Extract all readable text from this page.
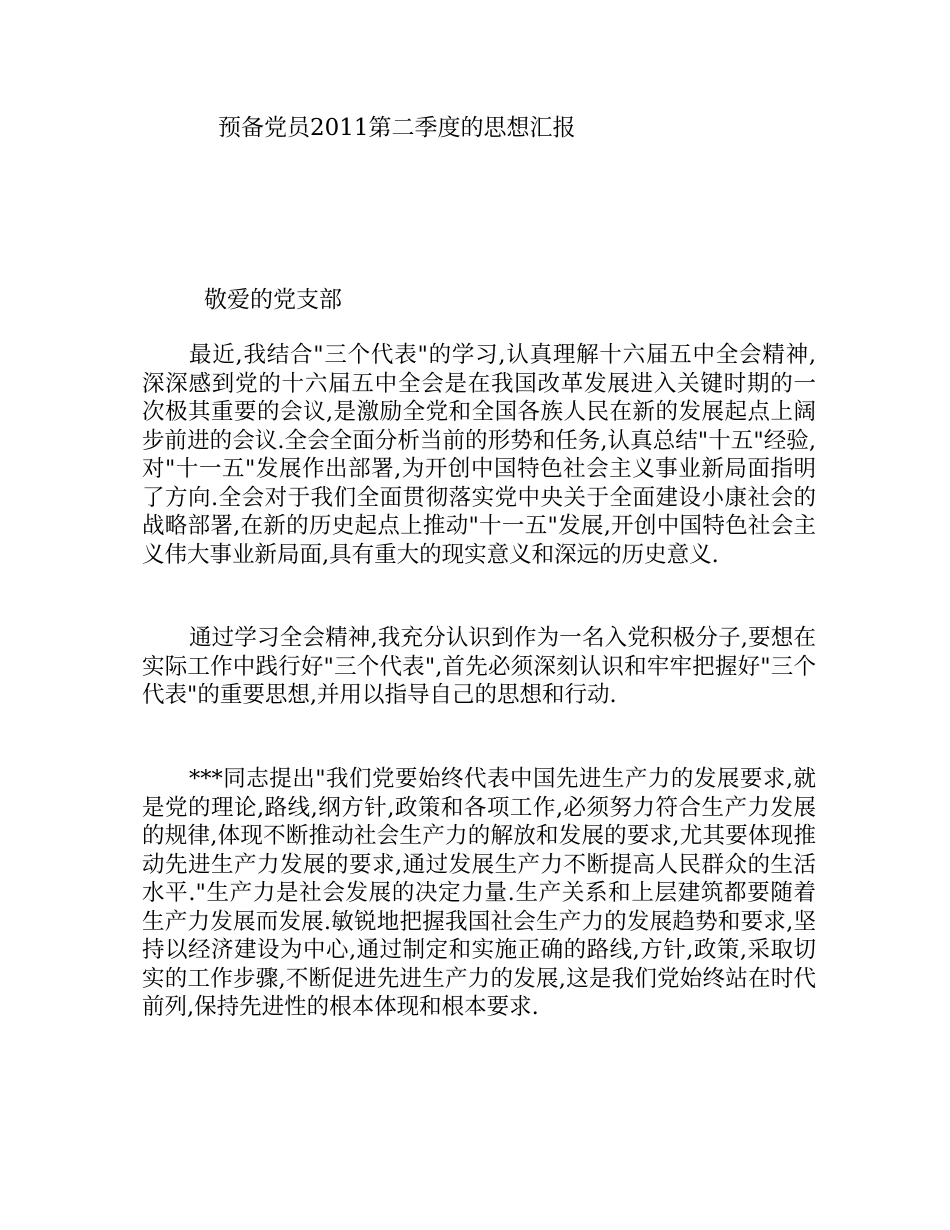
预备党员2011第二季度的思想汇报

敬爱的党支部

最近,我结合"三个代表"的学习,认真理解十六届五中全会精神,深深感到党的十六届五中全会是在我国改革发展进入关键时期的一次极其重要的会议,是激励全党和全国各族人民在新的发展起点上阔步前进的会议.全会全面分析当前的形势和任务,认真总结"十五"经验,对"十一五"发展作出部署,为开创中国特色社会主义事业新局面指明了方向.全会对于我们全面贯彻落实党中央关于全面建设小康社会的战略部署,在新的历史起点上推动"十一五"发展,开创中国特色社会主义伟大事业新局面,具有重大的现实意义和深远的历史意义.

通过学习全会精神,我充分认识到作为一名入党积极分子,要想在实际工作中践行好"三个代表",首先必须深刻认识和牢牢把握好"三个代表"的重要思想,并用以指导自己的思想和行动.

***同志提出"我们党要始终代表中国先进生产力的发展要求,就是党的理论,路线,纲方针,政策和各项工作,必须努力符合生产力发展的规律,体现不断推动社会生产力的解放和发展的要求,尤其要体现推动先进生产力发展的要求,通过发展生产力不断提高人民群众的生活水平."生产力是社会发展的决定力量.生产关系和上层建筑都要随着生产力发展而发展.敏锐地把握我国社会生产力的发展趋势和要求,坚持以经济建设为中心,通过制定和实施正确的路线,方针,政策,采取切实的工作步骤,不断促进先进生产力的发展,这是我们党始终站在时代前列,保持先进性的根本体现和根本要求.
